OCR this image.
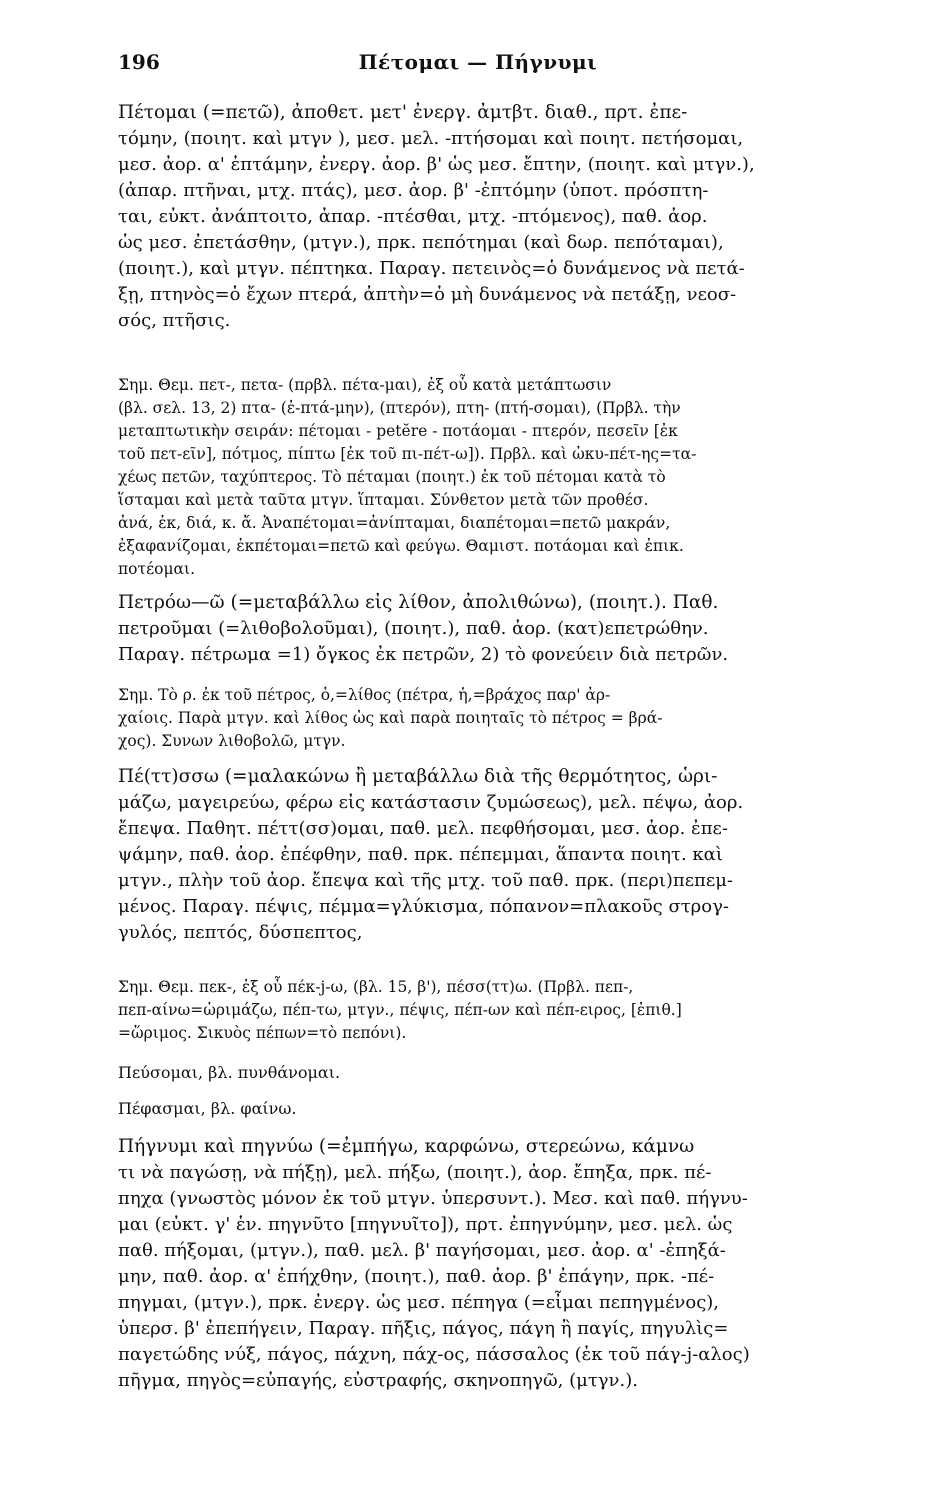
196	Πέτομαι — Πήγνυμι
Πέτομαι (=πετῶ), ἀποθετ. μετ' ἐνεργ. ἀμτβτ. διαθ., πρτ. ἐπε-
τόμην, (ποιητ. καὶ μτγν ), μεσ. μελ. -πτήσομαι καὶ ποιητ. πετήσομαι,
μεσ. ἀορ. α' ἐπτάμην, ἐνεργ. ἀορ. β' ὡς μεσ. ἔπτην, (ποιητ. καὶ μτγν.),
(ἀπαρ. πτῆναι, μτχ. πτάς), μεσ. ἀορ. β' -ἐπτόμην (ὑποτ. πρόσπτη-
ται, εὐκτ. ἀνάπτοιτο, ἀπαρ. -πτέσθαι, μτχ. -πτόμενος), παθ. ἀορ.
ὡς μεσ. ἐπετάσθην, (μτγν.), πρκ. πεπότημαι (καὶ δωρ. πεπόταμαι),
(ποιητ.), καὶ μτγν. πέπτηκα. Παραγ. πετεινὸς=ὁ δυνάμενος νὰ πετά-
ξῃ, πτηνὸς=ὁ ἔχων πτερά, ἀπτὴν=ὁ μὴ δυνάμενος νὰ πετάξῃ, νεοσ-
σός, πτῆσις.
Σημ. Θεμ. πετ-, πετα- (πρβλ. πέτα-μαι), ἐξ οὗ κατὰ μετάπτωσιν
(βλ. σελ. 13, 2) πτα- (ἐ-πτά-μην), (πτερόν), πτη- (πτή-σομαι), (Πρβλ. τὴν
μεταπτωτικὴν σειράν: πέτομαι - petĕre - ποτάομαι - πτερόν, πεσεῖν [ἐκ
τοῦ πετ-εῖν], πότμος, πίπτω [ἐκ τοῦ πι-πέτ-ω]). Πρβλ. καὶ ὠκυ-πέτ-ης=τα-
χέως πετῶν, ταχύπτερος. Τὸ πέταμαι (ποιητ.) ἐκ τοῦ πέτομαι κατὰ τὸ
ἵσταμαι καὶ μετὰ ταῦτα μτγν. ἵπταμαι. Σύνθετον μετὰ τῶν προθέσ.
ἀνά, ἐκ, διά, κ. ἄ. Ἀναπέτομαι=ἀνίπταμαι, διαπέτομαι=πετῶ μακράν,
ἐξαφανίζομαι, ἐκπέτομαι=πετῶ καὶ φεύγω. Θαμιστ. ποτάομαι καὶ ἐπικ.
ποτέομαι.
Πετρόω—ῶ (=μεταβάλλω εἰς λίθον, ἀπολιθώνω), (ποιητ.). Παθ.
πετροῦμαι (=λιθοβολοῦμαι), (ποιητ.), παθ. ἀορ. (κατ)επετρώθην.
Παραγ. πέτρωμα =1) ὄγκος ἐκ πετρῶν, 2) τὸ φονεύειν διὰ πετρῶν.
Σημ. Τὸ ρ. ἐκ τοῦ πέτρος, ὁ,=λίθος (πέτρα, ἡ,=βράχος παρ' ἀρ-
χαίοις. Παρὰ μτγν. καὶ λίθος ὡς καὶ παρὰ ποιηταῖς τὸ πέτρος = βρά-
χος). Συνων λιθοβολῶ, μτγν.
Πέ(ττ)σσω (=μαλακώνω ἢ μεταβάλλω διὰ τῆς θερμότητος, ὡρι-
μάζω, μαγειρεύω, φέρω εἰς κατάστασιν ζυμώσεως), μελ. πέψω, ἀορ.
ἔπεψα. Παθητ. πέττ(σσ)ομαι, παθ. μελ. πεφθήσομαι, μεσ. ἀορ. ἐπε-
ψάμην, παθ. ἀορ. ἐπέφθην, παθ. πρκ. πέπεμμαι, ἅπαντα ποιητ. καὶ
μτγν., πλὴν τοῦ ἀορ. ἔπεψα καὶ τῆς μτχ. τοῦ παθ. πρκ. (περι)πεπεμ-
μένος. Παραγ. πέψις, πέμμα=γλύκισμα, πόπανον=πλακοῦς στρογ-
γυλός, πεπτός, δύσπεπτος,
Σημ. Θεμ. πεκ-, ἐξ οὗ πέκ-j-ω, (βλ. 15, β'), πέσσ(ττ)ω. (Πρβλ. πεπ-,
πεπ-αίνω=ὡριμάζω, πέπ-τω, μτγν., πέψις, πέπ-ων καὶ πέπ-ειρος, [ἐπιθ.]
=ὥριμος. Σικυὸς πέπων=τὸ πεπόνι).
Πεύσομαι, βλ. πυνθάνομαι.
Πέφασμαι, βλ. φαίνω.
Πήγνυμι καὶ πηγνύω (=ἐμπήγω, καρφώνω, στερεώνω, κάμνω
τι νὰ παγώσῃ, νὰ πήξῃ), μελ. πήξω, (ποιητ.), ἀορ. ἔπηξα, πρκ. πέ-
πηχα (γνωστὸς μόνον ἐκ τοῦ μτγν. ὑπερσυντ.). Μεσ. καὶ παθ. πήγνυ-
μαι (εὐκτ. γ' ἑν. πηγνῦτο [πηγνυῖτο]), πρτ. ἐπηγνύμην, μεσ. μελ. ὡς
παθ. πήξομαι, (μτγν.), παθ. μελ. β' παγήσομαι, μεσ. ἀορ. α' -ἐπηξά-
μην, παθ. ἀορ. α' ἐπήχθην, (ποιητ.), παθ. ἀορ. β' ἐπάγην, πρκ. -πέ-
πηγμαι, (μτγν.), πρκ. ἐνεργ. ὡς μεσ. πέπηγα (=εἶμαι πεπηγμένος),
ὑπερσ. β' ἐπεπήγειν, Παραγ. πῆξις, πάγος, πάγη ἢ παγίς, πηγυλὶς=
παγετώδης νύξ, πάγος, πάχνη, πάχ-ος, πάσσαλος (ἐκ τοῦ πάγ-j-αλος)
πῆγμα, πηγὸς=εὐπαγής, εὐστραφής, σκηνοπηγῶ, (μτγν.).
